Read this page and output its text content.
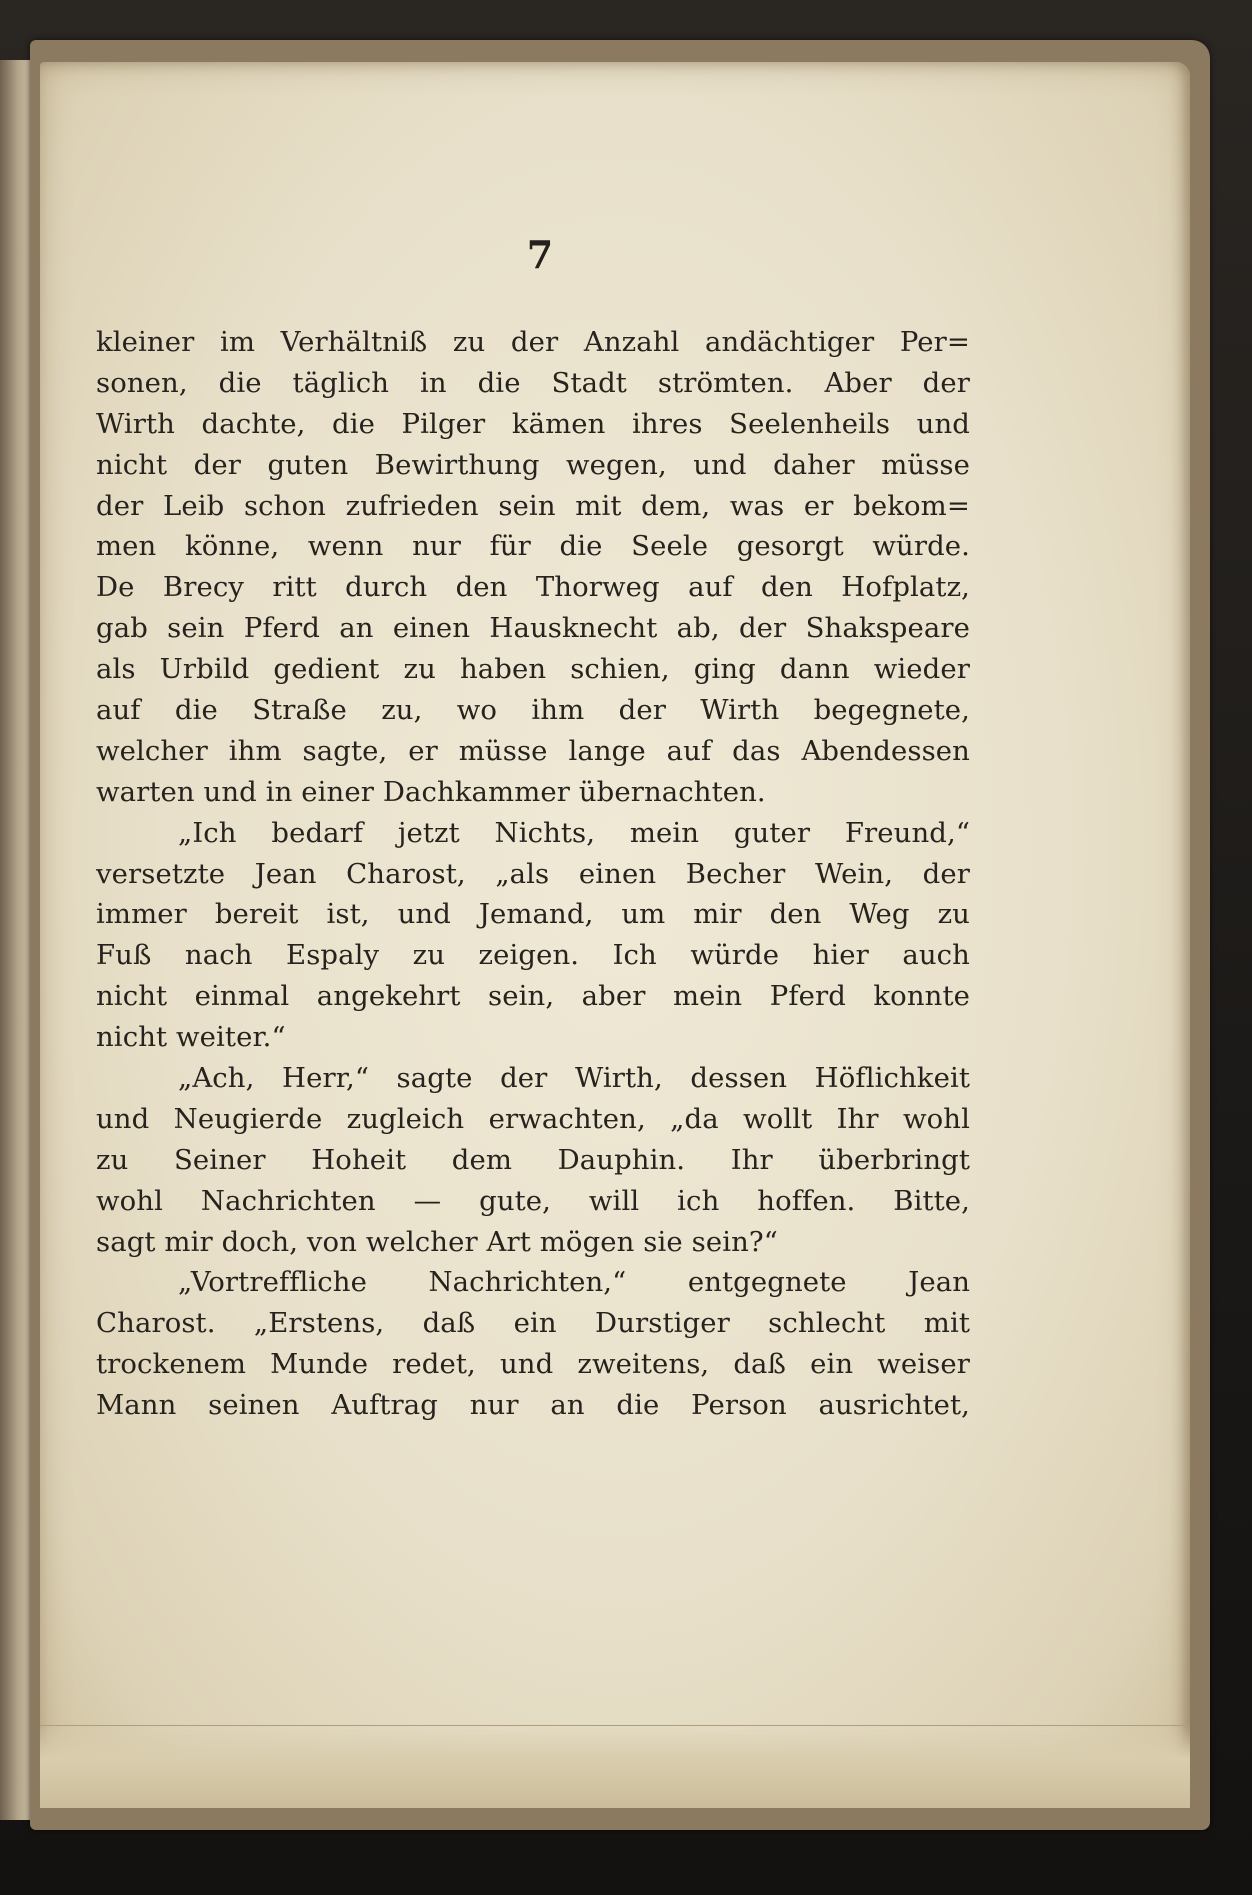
7
kleiner im Verhältniß zu der Anzahl andächtiger Per=
sonen, die täglich in die Stadt strömten. Aber der
Wirth dachte, die Pilger kämen ihres Seelenheils und
nicht der guten Bewirthung wegen, und daher müsse
der Leib schon zufrieden sein mit dem, was er bekom=
men könne, wenn nur für die Seele gesorgt würde.
De Brecy ritt durch den Thorweg auf den Hofplatz,
gab sein Pferd an einen Hausknecht ab, der Shakspeare
als Urbild gedient zu haben schien, ging dann wieder
auf die Straße zu, wo ihm der Wirth begegnete,
welcher ihm sagte, er müsse lange auf das Abendessen
warten und in einer Dachkammer übernachten.
„Ich bedarf jetzt Nichts, mein guter Freund,“
versetzte Jean Charost, „als einen Becher Wein, der
immer bereit ist, und Jemand, um mir den Weg zu
Fuß nach Espaly zu zeigen. Ich würde hier auch
nicht einmal angekehrt sein, aber mein Pferd konnte
nicht weiter.“
„Ach, Herr,“ sagte der Wirth, dessen Höflichkeit
und Neugierde zugleich erwachten, „da wollt Ihr wohl
zu Seiner Hoheit dem Dauphin. Ihr überbringt
wohl Nachrichten — gute, will ich hoffen. Bitte,
sagt mir doch, von welcher Art mögen sie sein?“
„Vortreffliche Nachrichten,“ entgegnete Jean
Charost. „Erstens, daß ein Durstiger schlecht mit
trockenem Munde redet, und zweitens, daß ein weiser
Mann seinen Auftrag nur an die Person ausrichtet,
